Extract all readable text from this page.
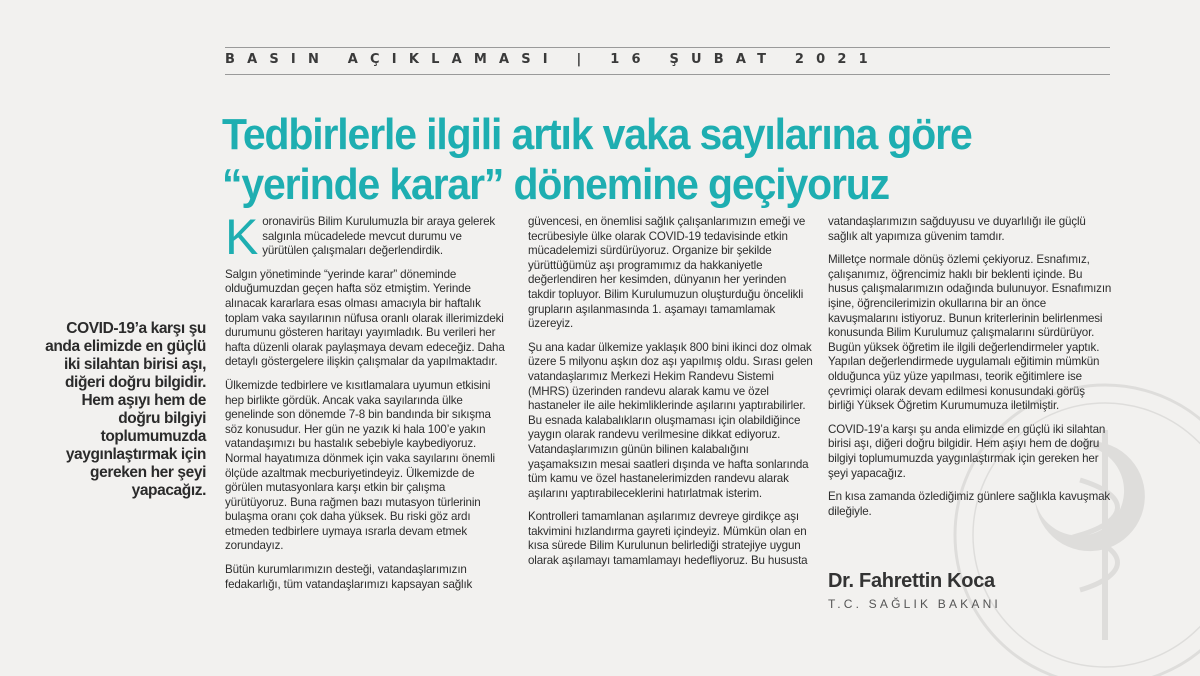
BASIN AÇIKLAMASI | 16 ŞUBAT 2021
Tedbirlerle ilgili artık vaka sayılarına göre
“yerinde karar” dönemine geçiyoruz
COVID-19’a karşı şu anda elimizde en güçlü iki silahtan birisi aşı, diğeri doğru bilgidir. Hem aşıyı hem de doğru bilgiyi toplumumuzda yaygınlaştırmak için gereken her şeyi yapacağız.

K oronavirüs Bilim Kurulumuzla bir araya gelerek salgınla mücadelede mevcut durumu ve yürütülen çalışmaları değerlendirdik.

Salgın yönetiminde “yerinde karar” döneminde olduğumuzdan geçen hafta söz etmiştim. Yerinde alınacak kararlara esas olması amacıyla bir haftalık toplam vaka sayılarının nüfusa oranlı olarak illerimizdeki durumunu gösteren haritayı yayımladık. Bu verileri her hafta düzenli olarak paylaşmaya devam edeceğiz. Daha detaylı göstergelere ilişkin çalışmalar da yapılmaktadır.

Ülkemizde tedbirlere ve kısıtlamalara uyumun etkisini hep birlikte gördük. Ancak vaka sayılarında ülke genelinde son dönemde 7-8 bin bandında bir sıkışma söz konusudur. Her gün ne yazık ki hala 100’e yakın vatandaşımızı bu hastalık sebebiyle kaybediyoruz. Normal hayatımıza dönmek için vaka sayılarını önemli ölçüde azaltmak mecburiyetindeyiz. Ülkemizde de görülen mutasyonlara karşı etkin bir çalışma yürütüyoruz. Buna rağmen bazı mutasyon türlerinin bulaşma oranı çok daha yüksek. Bu riski göz ardı etmeden tedbirlere uymaya ısrarla devam etmek zorundayız.

Bütün kurumlarımızın desteği, vatandaşlarımızın fedakarlığı, tüm vatandaşlarımızı kapsayan sağlık

güvencesi, en önemlisi sağlık çalışanlarımızın emeği ve tecrübesiyle ülke olarak COVID-19 tedavisinde etkin mücadelemizi sürdürüyoruz. Organize bir şekilde yürüttüğümüz aşı programımız da hakkaniyetle değerlendiren her kesimden, dünyanın her yerinden takdir topluyor. Bilim Kurulumuzun oluşturduğu öncelikli grupların aşılanmasında 1. aşamayı tamamlamak üzereyiz.

Şu ana kadar ülkemize yaklaşık 800 bini ikinci doz olmak üzere 5 milyonu aşkın doz aşı yapılmış oldu. Sırası gelen vatandaşlarımız Merkezi Hekim Randevu Sistemi (MHRS) üzerinden randevu alarak kamu ve özel hastaneler ile aile hekimliklerinde aşılarını yaptırabilirler. Bu esnada kalabalıkların oluşmaması için olabildiğince yaygın olarak randevu verilmesine dikkat ediyoruz. Vatandaşlarımızın günün bilinen kalabalığını yaşamaksızın mesai saatleri dışında ve hafta sonlarında tüm kamu ve özel hastanelerimizden randevu alarak aşılarını yaptırabileceklerini hatırlatmak isterim.

Kontrolleri tamamlanan aşılarımız devreye girdikçe aşı takvimini hızlandırma gayreti içindeyiz. Mümkün olan en kısa sürede Bilim Kurulunun belirlediği stratejiye uygun olarak aşılamayı tamamlamayı hedefliyoruz. Bu hususta

vatandaşlarımızın sağduyusu ve duyarlılığı ile güçlü sağlık alt yapımıza güvenim tamdır.

Milletçe normale dönüş özlemi çekiyoruz. Esnafımız, çalışanımız, öğrencimiz haklı bir beklenti içinde. Bu husus çalışmalarımızın odağında bulunuyor. Esnafımızın işine, öğrencilerimizin okullarına bir an önce kavuşmalarını istiyoruz. Bunun kriterlerinin belirlenmesi konusunda Bilim Kurulumuz çalışmalarını sürdürüyor. Bugün yüksek öğretim ile ilgili değerlendirmeler yaptık. Yapılan değerlendirmede uygulamalı eğitimin mümkün olduğunca yüz yüze yapılması, teorik eğitimlere ise çevrimiçi olarak devam edilmesi konusundaki görüş birliği Yüksek Öğretim Kurumumuza iletilmiştir.

COVID-19’a karşı şu anda elimizde en güçlü iki silahtan birisi aşı, diğeri doğru bilgidir. Hem aşıyı hem de doğru bilgiyi toplumumuzda yaygınlaştırmak için gereken her şeyi yapacağız.

En kısa zamanda özlediğimiz günlere sağlıkla kavuşmak dileğiyle.

Dr. Fahrettin Koca
T.C. SAĞLIK BAKANI
